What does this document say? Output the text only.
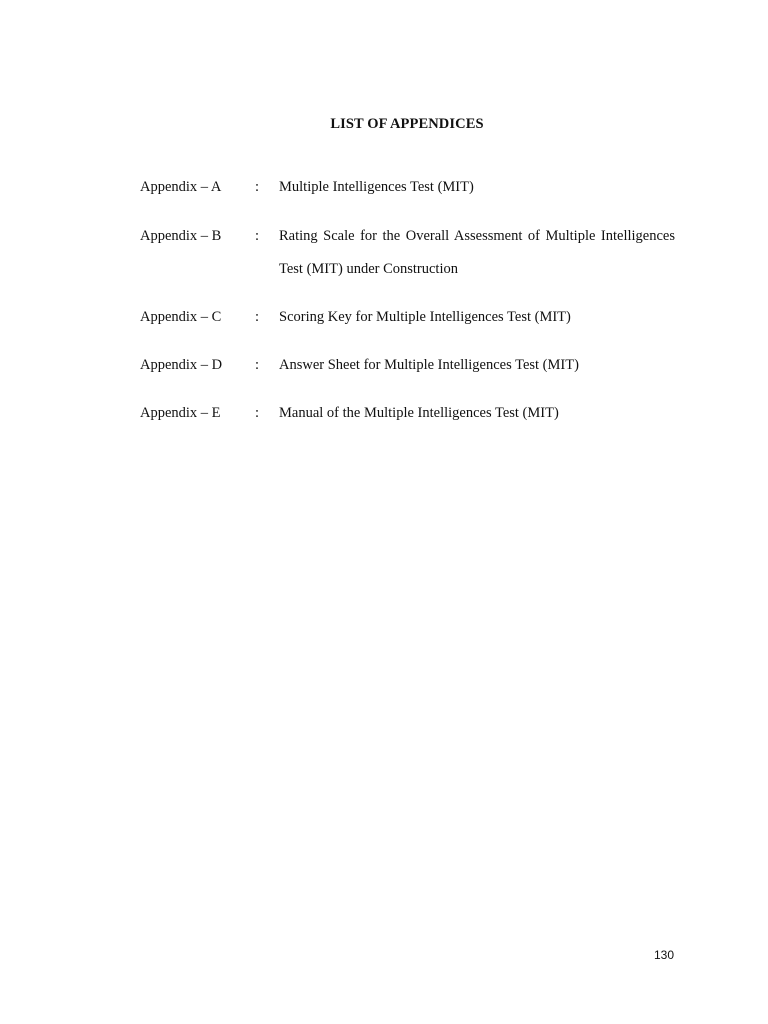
LIST OF APPENDICES
Appendix – A : Multiple Intelligences Test (MIT)
Appendix – B : Rating Scale for the Overall Assessment of Multiple Intelligences Test (MIT) under Construction
Appendix – C : Scoring Key for Multiple Intelligences Test (MIT)
Appendix – D : Answer Sheet for Multiple Intelligences Test (MIT)
Appendix – E : Manual of the Multiple Intelligences Test (MIT)
130
